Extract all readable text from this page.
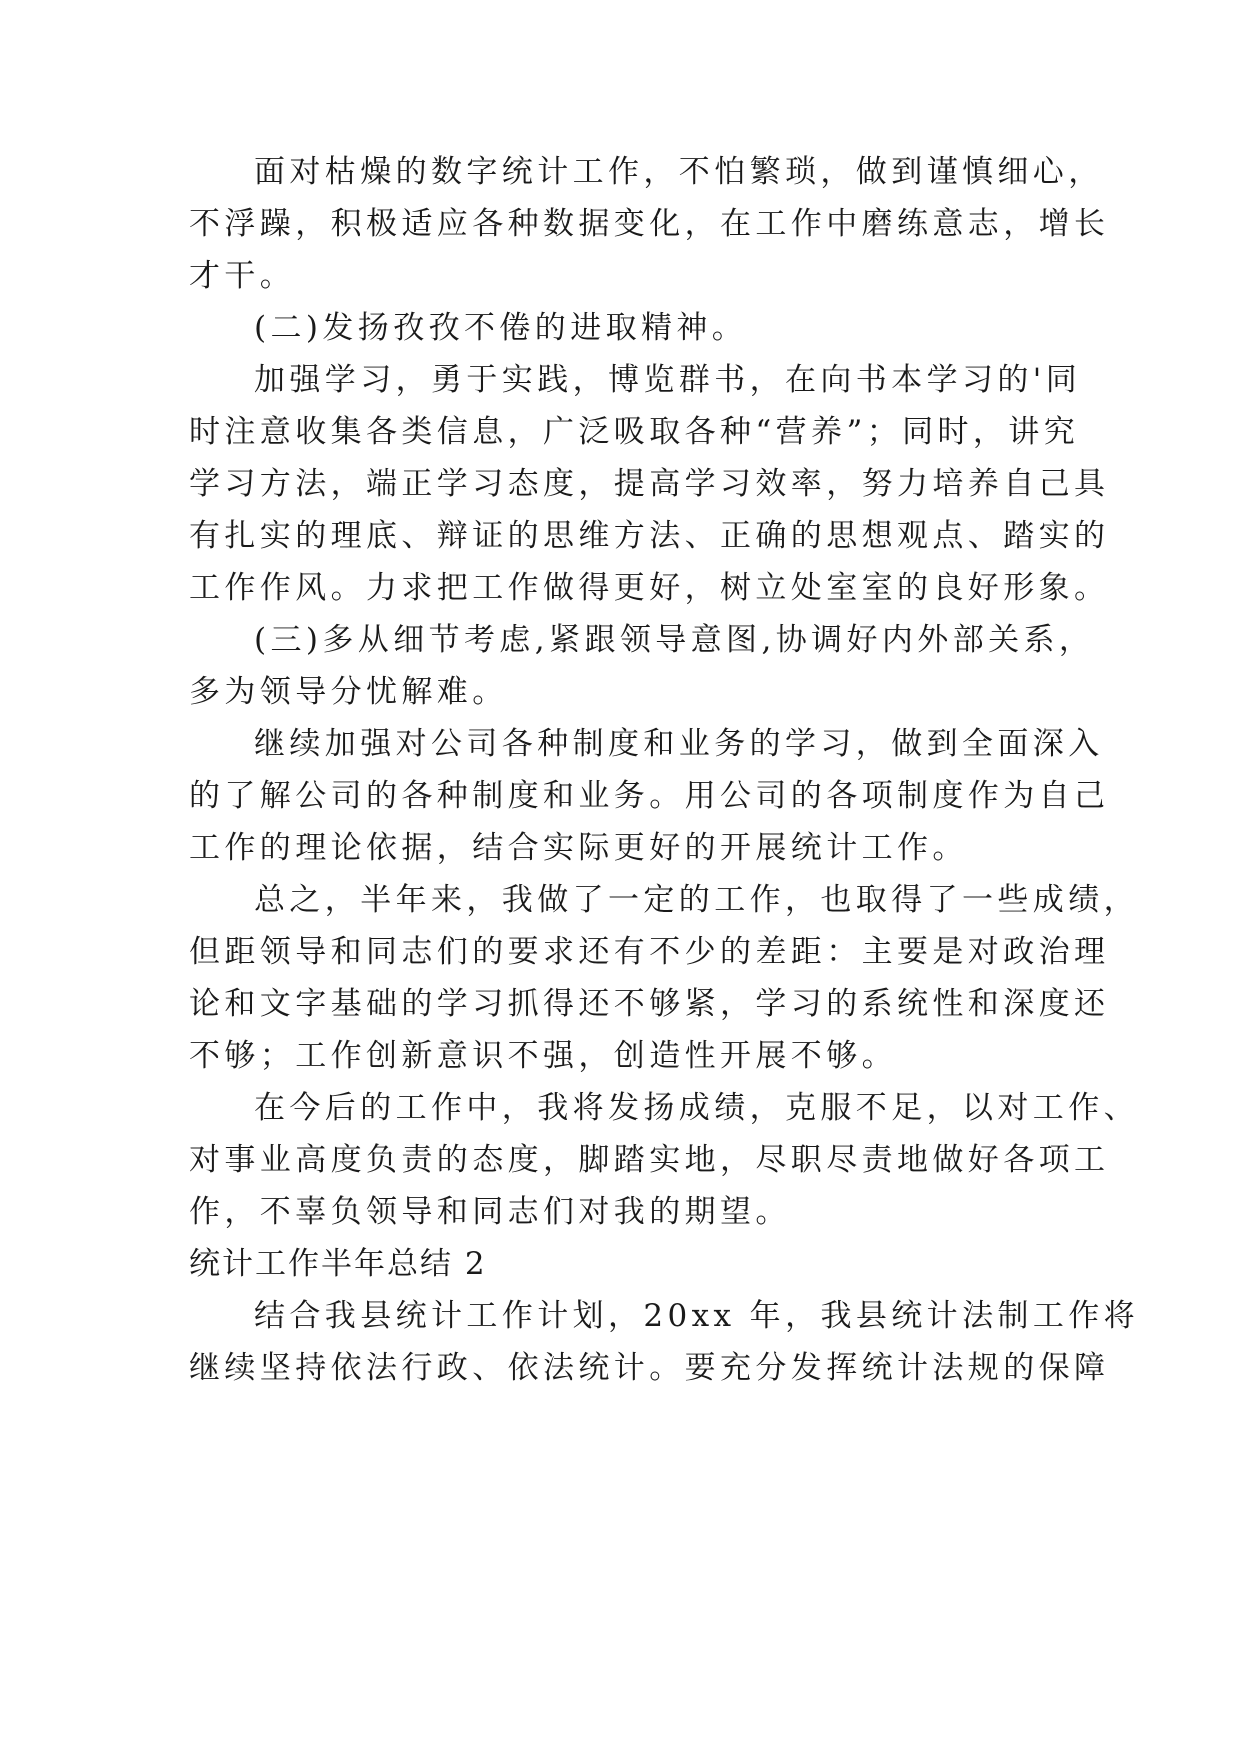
面对枯燥的数字统计工作，不怕繁琐，做到谨慎细心，
不浮躁，积极适应各种数据变化，在工作中磨练意志，增长
才干。
(二)发扬孜孜不倦的进取精神。
加强学习，勇于实践，博览群书，在向书本学习的'同
时注意收集各类信息，广泛吸取各种“营养”；同时，讲究
学习方法，端正学习态度，提高学习效率，努力培养自己具
有扎实的理底、辩证的思维方法、正确的思想观点、踏实的
工作作风。力求把工作做得更好，树立处室室的良好形象。
(三)多从细节考虑,紧跟领导意图,协调好内外部关系，
多为领导分忧解难。
继续加强对公司各种制度和业务的学习，做到全面深入
的了解公司的各种制度和业务。用公司的各项制度作为自己
工作的理论依据，结合实际更好的开展统计工作。
总之，半年来，我做了一定的工作，也取得了一些成绩，
但距领导和同志们的要求还有不少的差距：主要是对政治理
论和文字基础的学习抓得还不够紧，学习的系统性和深度还
不够；工作创新意识不强，创造性开展不够。
在今后的工作中，我将发扬成绩，克服不足，以对工作、
对事业高度负责的态度，脚踏实地，尽职尽责地做好各项工
作，不辜负领导和同志们对我的期望。
统计工作半年总结 2
结合我县统计工作计划，20xx 年，我县统计法制工作将
继续坚持依法行政、依法统计。要充分发挥统计法规的保障
